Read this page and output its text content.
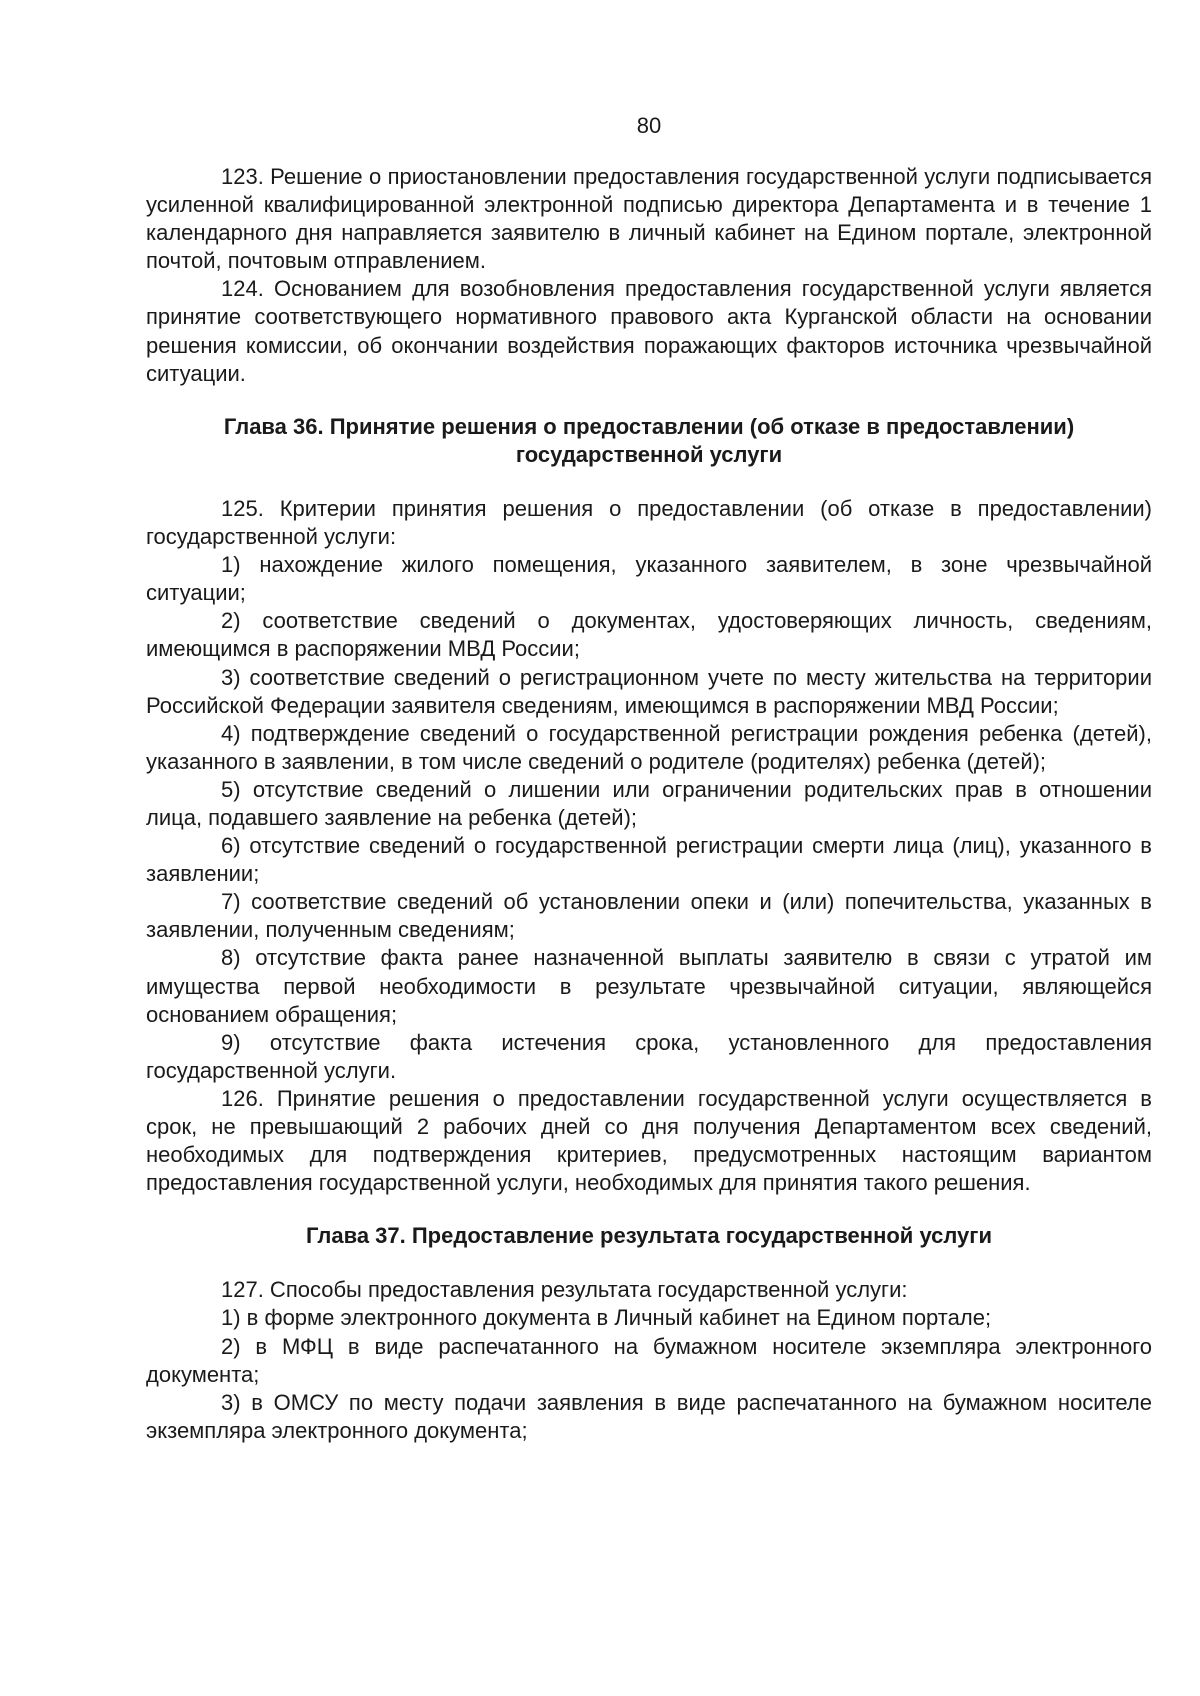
80

123. Решение о приостановлении предоставления государственной услуги подписывается усиленной квалифицированной электронной подписью директора Департамента и в течение 1 календарного дня направляется заявителю в личный кабинет на Едином портале, электронной почтой, почтовым отправлением.

124. Основанием для возобновления предоставления государственной услуги является принятие соответствующего нормативного правового акта Курганской области на основании решения комиссии, об окончании воздействия поражающих факторов источника чрезвычайной ситуации.

Глава 36. Принятие решения о предоставлении (об отказе в предоставлении) государственной услуги

125. Критерии принятия решения о предоставлении (об отказе в предоставлении) государственной услуги:

1) нахождение жилого помещения, указанного заявителем, в зоне чрезвычайной ситуации;

2) соответствие сведений о документах, удостоверяющих личность, сведениям, имеющимся в распоряжении МВД России;

3) соответствие сведений о регистрационном учете по месту жительства на территории Российской Федерации заявителя сведениям, имеющимся в распоряжении МВД России;

4) подтверждение сведений о государственной регистрации рождения ребенка (детей), указанного в заявлении, в том числе сведений о родителе (родителях) ребенка (детей);

5) отсутствие сведений о лишении или ограничении родительских прав в отношении лица, подавшего заявление на ребенка (детей);

6) отсутствие сведений о государственной регистрации смерти лица (лиц), указанного в заявлении;

7) соответствие сведений об установлении опеки и (или) попечительства, указанных в заявлении, полученным сведениям;

8) отсутствие факта ранее назначенной выплаты заявителю в связи с утратой им имущества первой необходимости в результате чрезвычайной ситуации, являющейся основанием обращения;

9) отсутствие факта истечения срока, установленного для предоставления государственной услуги.

126. Принятие решения о предоставлении государственной услуги осуществляется в срок, не превышающий 2 рабочих дней со дня получения Департаментом всех сведений, необходимых для подтверждения критериев, предусмотренных настоящим вариантом предоставления государственной услуги, необходимых для принятия такого решения.

Глава 37. Предоставление результата государственной услуги

127. Способы предоставления результата государственной услуги:

1) в форме электронного документа в Личный кабинет на Едином портале;

2) в МФЦ в виде распечатанного на бумажном носителе экземпляра электронного документа;

3) в ОМСУ по месту подачи заявления в виде распечатанного на бумажном носителе экземпляра электронного документа;
